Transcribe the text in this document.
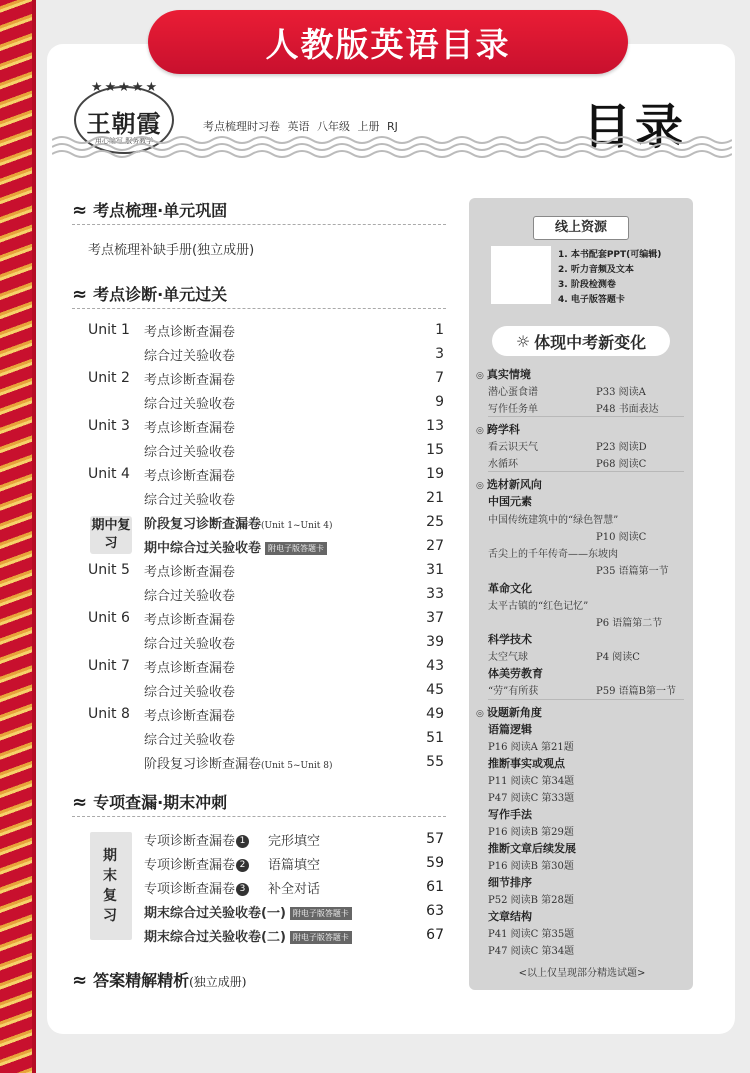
人教版英语目录
★★★★★
王朝霞
用心编写 服务教学
考点梳理时习卷 英语 八年级 上册 RJ	目录
≈ 考点梳理·单元巩固
考点梳理补缺手册(独立成册)
≈ 考点诊断·单元过关
Unit 1	考点诊断查漏卷	1
综合过关验收卷	3
Unit 2	考点诊断查漏卷	7
综合过关验收卷	9
Unit 3	考点诊断查漏卷	13
综合过关验收卷	15
Unit 4	考点诊断查漏卷	19
综合过关验收卷	21
阶段复习诊断查漏卷(Unit 1~Unit 4)	25
期中综合过关验收卷 附电子版答题卡	27
Unit 5	考点诊断查漏卷	31
综合过关验收卷	33
Unit 6	考点诊断查漏卷	37
综合过关验收卷	39
Unit 7	考点诊断查漏卷	43
综合过关验收卷	45
Unit 8	考点诊断查漏卷	49
综合过关验收卷	51
阶段复习诊断查漏卷(Unit 5~Unit 8)	55
期中复习
≈ 专项查漏·期末冲刺
期末复习
专项诊断查漏卷 1	完形填空	57
专项诊断查漏卷 2	语篇填空	59
专项诊断查漏卷 3	补全对话	61
期末综合过关验收卷(一) 附电子版答题卡	63
期末综合过关验收卷(二) 附电子版答题卡	67
≈ 答案精解精析 (独立成册)
线上资源
1. 本书配套PPT(可编辑)
2. 听力音频及文本
3. 阶段检测卷
4. 电子版答题卡
☼ 体现中考新变化
◎ 真实情境
潜心蛋食谱	P33 阅读A
写作任务单	P48 书面表达
◎ 跨学科
看云识天气	P23 阅读D
水循环	P68 阅读C
◎ 选材新风向
中国元素
中国传统建筑中的“绿色智慧”
P10 阅读C
舌尖上的千年传奇——东坡肉
P35 语篇第一节
革命文化
太平古镇的“红色记忆”
P6 语篇第二节
科学技术
太空气球	P4 阅读C
体美劳教育
“劳”有所获	P59 语篇B第一节
◎ 设题新角度
语篇逻辑
P16 阅读A 第21题
推断事实或观点
P11 阅读C 第34题
P47 阅读C 第33题
写作手法
P16 阅读B 第29题
推断文章后续发展
P16 阅读B 第30题
细节排序
P52 阅读B 第28题
文章结构
P41 阅读C 第35题
P47 阅读C 第34题
<以上仅呈现部分精选试题>
